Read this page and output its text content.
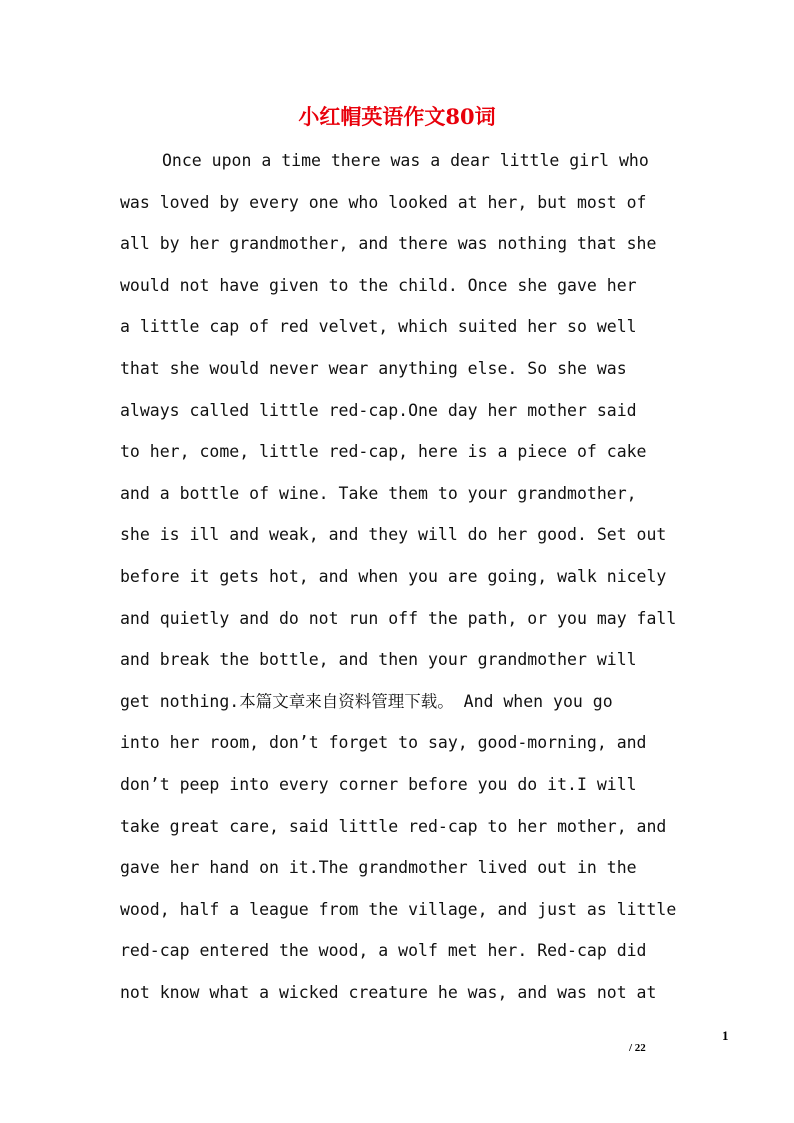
小红帽英语作文80词
Once upon a time there was a dear little girl who
was loved by every one who looked at her, but most of
all by her grandmother, and there was nothing that she
would not have given to the child. Once she gave her
a little cap of red velvet, which suited her so well
that she would never wear anything else. So she was
always called little red-cap.One day her mother said
to her, come, little red-cap, here is a piece of cake
and a bottle of wine. Take them to your grandmother,
she is ill and weak, and they will do her good. Set out
before it gets hot, and when you are going, walk nicely
and quietly and do not run off the path, or you may fall
and break the bottle, and then your grandmother will
get nothing.本篇文章来自资料管理下载。 And when you go
into her room, don’t forget to say, good-morning, and
don’t peep into every corner before you do it.I will
take great care, said little red-cap to her mother, and
gave her hand on it.The grandmother lived out in the
wood, half a league from the village, and just as little
red-cap entered the wood, a wolf met her. Red-cap did
not know what a wicked creature he was, and was not at
1
/ 22
